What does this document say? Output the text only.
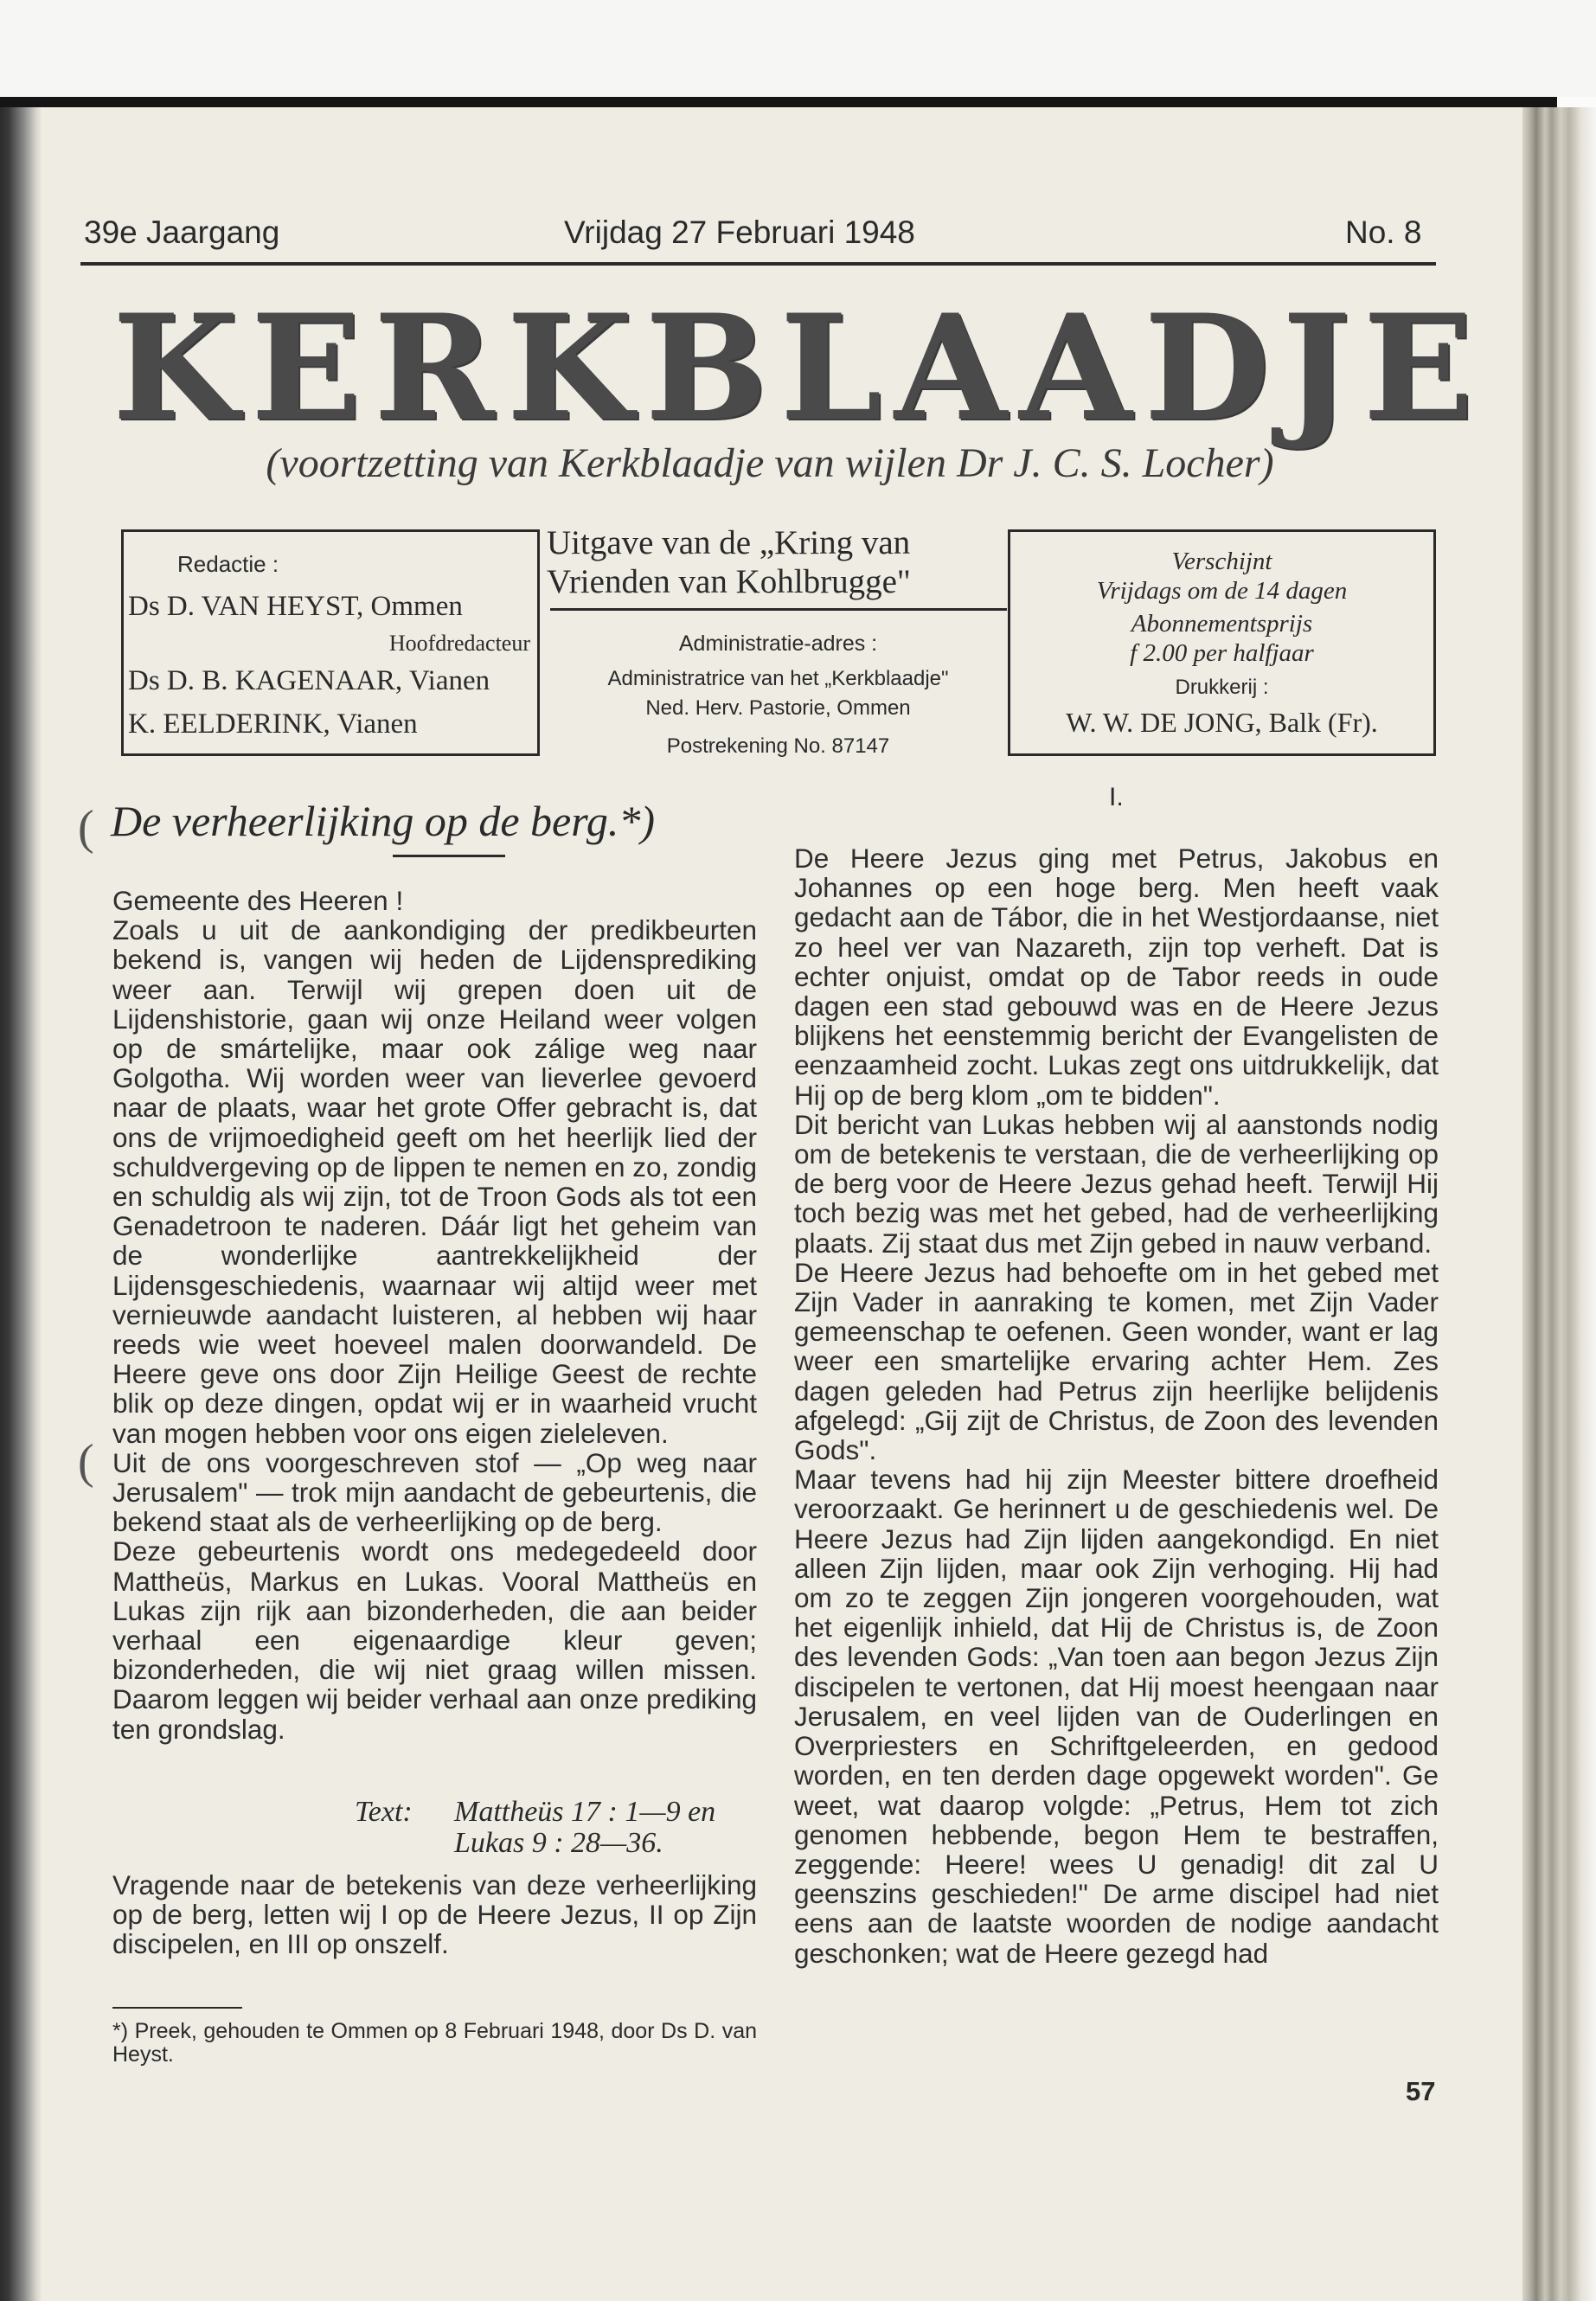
39e Jaargang	Vrijdag 27 Februari 1948	No. 8
KERKBLAADJE
(voortzetting van Kerkblaadje van wijlen Dr J. C. S. Locher)
Redactie :
Ds D. VAN HEYST, Ommen
Hoofdredacteur
Ds D. B. KAGENAAR, Vianen
K. EELDERINK, Vianen
Uitgave van de „Kring van
Vrienden van Kohlbrugge"
Administratie-adres :
Administratrice van het „Kerkblaadje"
Ned. Herv. Pastorie, Ommen
Postrekening No. 87147
Verschijnt
Vrijdags om de 14 dagen
Abonnementsprijs
f 2.00 per halfjaar
Drukkerij :
W. W. DE JONG, Balk (Fr).
(
(
De verheerlijking op de berg.*)

Gemeente des Heeren !

Zoals u uit de aankondiging der predikbeurten bekend is, vangen wij heden de Lijdensprediking weer aan. Terwijl wij grepen doen uit de Lijdenshistorie, gaan wij onze Heiland weer volgen op de smártelijke, maar ook zálige weg naar Golgotha. Wij worden weer van lieverlee gevoerd naar de plaats, waar het grote Offer gebracht is, dat ons de vrijmoedigheid geeft om het heerlijk lied der schuldvergeving op de lippen te nemen en zo, zondig en schuldig als wij zijn, tot de Troon Gods als tot een Genadetroon te naderen. Dáár ligt het geheim van de wonderlijke aantrekkelijkheid der Lijdensgeschiedenis, waarnaar wij altijd weer met vernieuwde aandacht luisteren, al hebben wij haar reeds wie weet hoeveel malen doorwandeld. De Heere geve ons door Zijn Heilige Geest de rechte blik op deze dingen, opdat wij er in waarheid vrucht van mogen hebben voor ons eigen zieleleven.

Uit de ons voorgeschreven stof — „Op weg naar Jerusalem" — trok mijn aandacht de gebeurtenis, die bekend staat als de verheerlijking op de berg.

Deze gebeurtenis wordt ons medegedeeld door Mattheüs, Markus en Lukas. Vooral Mattheüs en Lukas zijn rijk aan bizonderheden, die aan beider verhaal een eigenaardige kleur geven; bizonderheden, die wij niet graag willen missen. Daarom leggen wij beider verhaal aan onze prediking ten grondslag.

Text: Mattheüs 17 : 1—9 en
Lukas 9 : 28—36.
Vragende naar de betekenis van deze verheerlijking op de berg, letten wij I op de Heere Jezus, II op Zijn discipelen, en III op onszelf.
*) Preek, gehouden te Ommen op 8 Februari 1948, door Ds D. van Heyst.
I.

De Heere Jezus ging met Petrus, Jakobus en Johannes op een hoge berg. Men heeft vaak gedacht aan de Tábor, die in het Westjordaanse, niet zo heel ver van Nazareth, zijn top verheft. Dat is echter onjuist, omdat op de Tabor reeds in oude dagen een stad gebouwd was en de Heere Jezus blijkens het eenstemmig bericht der Evangelisten de eenzaamheid zocht. Lukas zegt ons uitdrukkelijk, dat Hij op de berg klom „om te bidden".

Dit bericht van Lukas hebben wij al aanstonds nodig om de betekenis te verstaan, die de verheerlijking op de berg voor de Heere Jezus gehad heeft. Terwijl Hij toch bezig was met het gebed, had de verheerlijking plaats. Zij staat dus met Zijn gebed in nauw verband.

De Heere Jezus had behoefte om in het gebed met Zijn Vader in aanraking te komen, met Zijn Vader gemeenschap te oefenen. Geen wonder, want er lag weer een smartelijke ervaring achter Hem. Zes dagen geleden had Petrus zijn heerlijke belijdenis afgelegd: „Gij zijt de Christus, de Zoon des levenden Gods".

Maar tevens had hij zijn Meester bittere droefheid veroorzaakt. Ge herinnert u de geschiedenis wel. De Heere Jezus had Zijn lijden aangekondigd. En niet alleen Zijn lijden, maar ook Zijn verhoging. Hij had om zo te zeggen Zijn jongeren voorgehouden, wat het eigenlijk inhield, dat Hij de Christus is, de Zoon des levenden Gods: „Van toen aan begon Jezus Zijn discipelen te vertonen, dat Hij moest heengaan naar Jerusalem, en veel lijden van de Ouderlingen en Overpriesters en Schriftgeleerden, en gedood worden, en ten derden dage opgewekt worden". Ge weet, wat daarop volgde: „Petrus, Hem tot zich genomen hebbende, begon Hem te bestraffen, zeggende: Heere! wees U genadig! dit zal U geenszins geschieden!" De arme discipel had niet eens aan de laatste woorden de nodige aandacht geschonken; wat de Heere gezegd had

57
